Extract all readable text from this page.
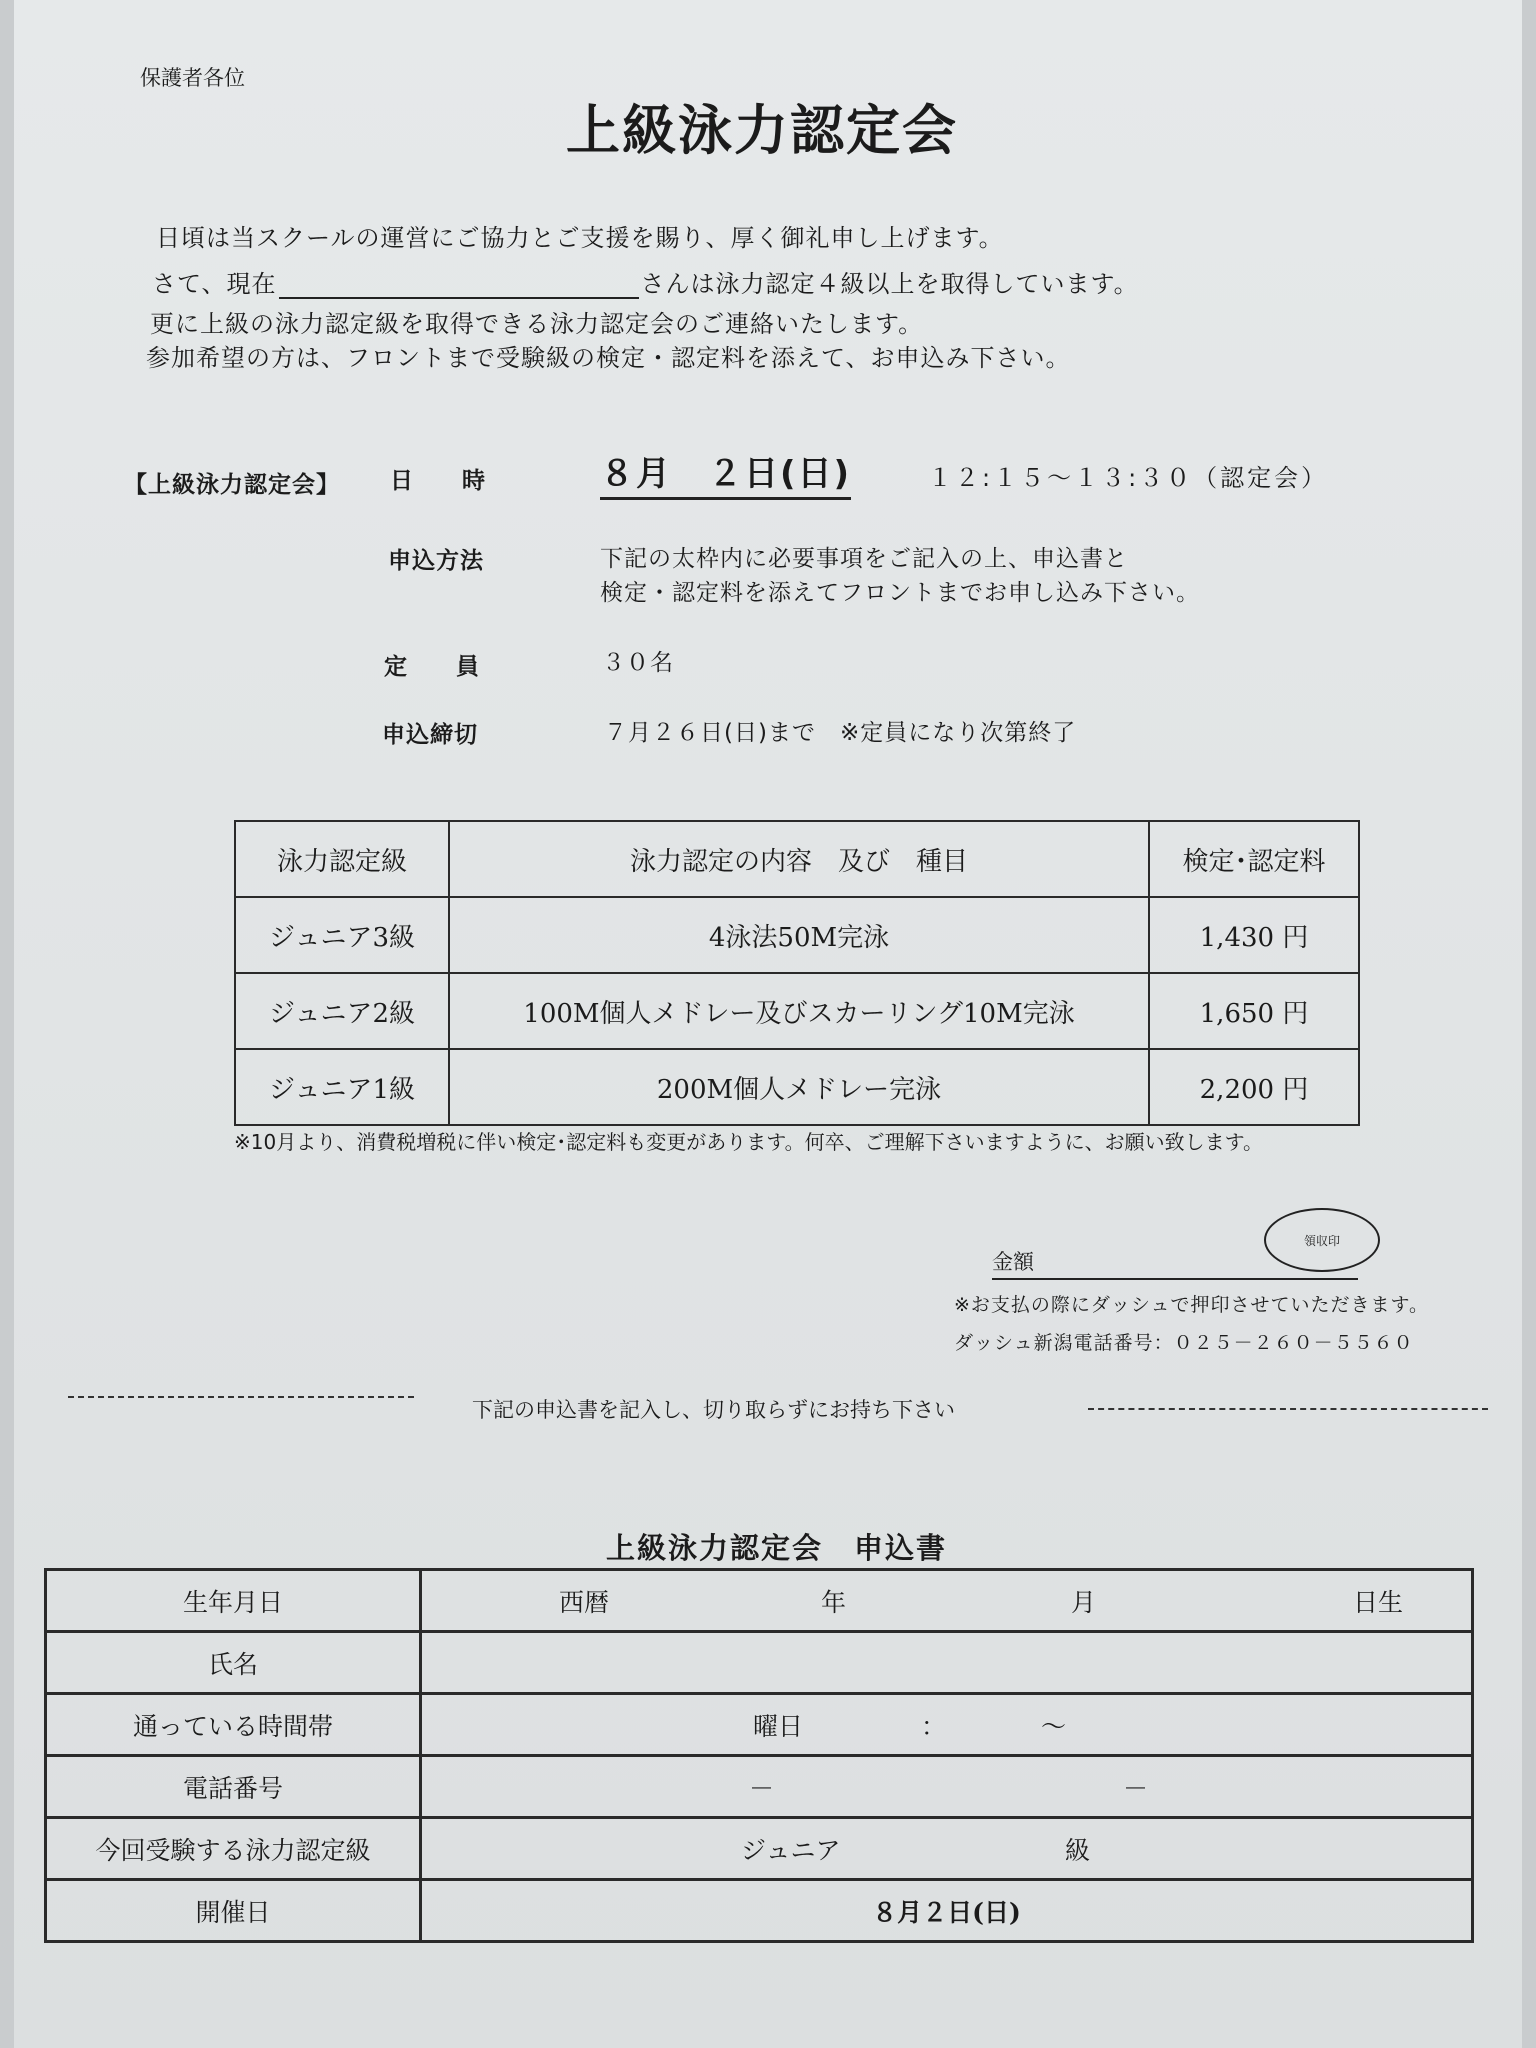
保護者各位
上級泳力認定会
日頃は当スクールの運営にご協力とご支援を賜り、厚く御礼申し上げます。
さて、現在	さんは泳力認定４級以上を取得しています。
更に上級の泳力認定級を取得できる泳力認定会のご連絡いたします。
参加希望の方は、フロントまで受験級の検定・認定料を添えて、お申込み下さい。
【上級泳力認定会】 日　　時	８月　２日(日)	１２:１５～１３:３０（認定会）
申込方法	下記の太枠内に必要事項をご記入の上、申込書と
検定・認定料を添えてフロントまでお申し込み下さい。
定　　員	３０名
申込締切	７月２６日(日)まで　※定員になり次第終了
泳力認定級	泳力認定の内容　及び　種目	検定･認定料
ジュニア3級	4泳法50M完泳	1,430 円
ジュニア2級	100M個人メドレー及びスカーリング10M完泳	1,650 円
ジュニア1級	200M個人メドレー完泳	2,200 円
※10月より、消費税増税に伴い検定･認定料も変更があります。何卒、ご理解下さいますように、お願い致します。
領収印
金額
※お支払の際にダッシュで押印させていただきます。
ダッシュ新潟電話番号：０２５－２６０－５５６０
下記の申込書を記入し、切り取らずにお持ち下さい
上級泳力認定会　申込書
生年月日	西暦 年 月 日生

氏名	
通っている時間帯	曜日 ： ～

電話番号	－ －

今回受験する泳力認定級	ジュニア 級

開催日	８月２日(日)
